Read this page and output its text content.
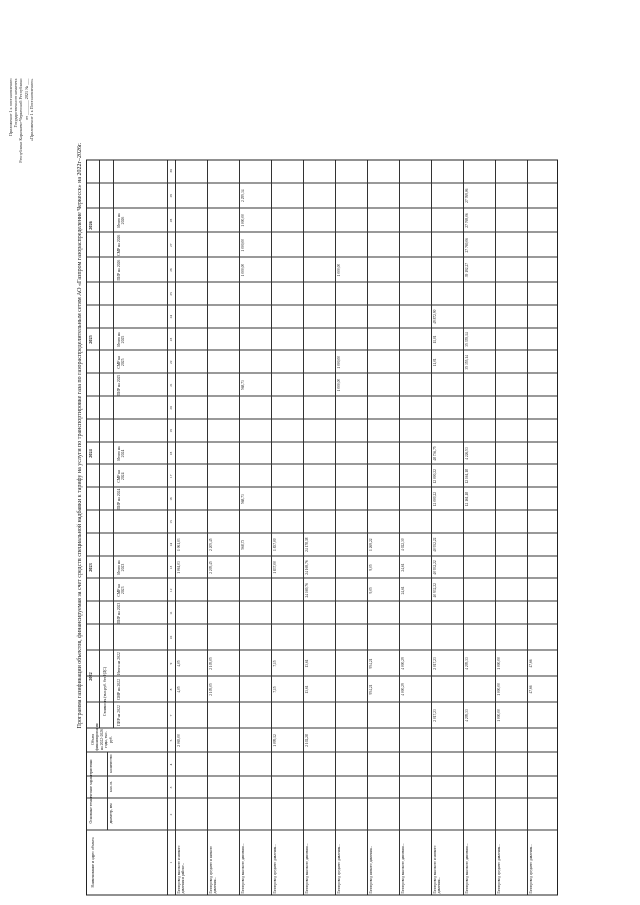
Приложение 1 к постановлению Государственного комитета Республики Карачаево-Черкесской Республики от _______ 2021 № ___ «Приложение 1 к Постановлению»
Программа газификации объектов, финансируемая за счет средств специальной надбавки к тарифу на услуги по транспортировке газа по газораспределительным сетям АО «Газпром газораспределение Черкесск» на 2022г–2026г.
Наименование и адрес объекта
Основные технические характеристики	диаметр, мм
кол. м.
количество
Объем финансирования на 2022-2026 годы, тыс. руб.
Стоимость (тыс.руб. без НДС)
2022
2023
2024
2025
2026
ПИР на 2022
СМР на 2022
Итого на 2022
ПИР на 2023
СМР на 2023
Итого на 2023
ПИР на 2024
СМР на 2024
Итого на 2024
ПИР на 2025
СМР на 2025
Итого на 2025
ПИР на 2026
СМР на 2026
Итого на 2026
1
2
3
4
5
7
8
9
10
11
12
13
14
15
16
17
18
19
20
21
22
23
24
25
26
27
28
29
30
Газопровод высокого и низкого давления в районе...
2 065,00
4,05
4,05
1 061,03
1 061,03
Газопровод среднего и низкого давления...
2 105,05
2 105,05
2 205,45
2 205,45
Газопровод высокого давления...
568,73
568,73
568,73
1 000,00
1 000,00
1 000,00
2 295,34
Газопровод среднего давления...
1 099,12
7,15
7,15
1 837,00
1 837,00
Газопровод высокого давления...
2 102,28
13,61
13,61
24 169,76
24 169,76
24 178,38
Газопровод среднего давления...
1 000,00
1 000,00
1 000,00
Газопровод низкого давления...
954,21
954,21
9,05
9,05
1 269,22
Газопровод высокого давления...
4 000,29
4 000,29
24,61
24,61
4 022,30
Газопровод высокого и низкого давления...
2 017,23
2 017,23
40 932,22
40 932,22
40 932,22
12 000,22
12 000,22
48 736,75
11,01
11,01
49 872,90
Газопровод высокого давления...
4 295,33
4 295,33
12 161,18
12 161,18
4 226,53
35 355,14
35 355,14
39 192,27
27 769,06
27 769,06
27 769,06
Газопровод среднего давления...
1 000,00
1 000,00
1 000,00
Газопровод среднего давления...
47,66
47,66
